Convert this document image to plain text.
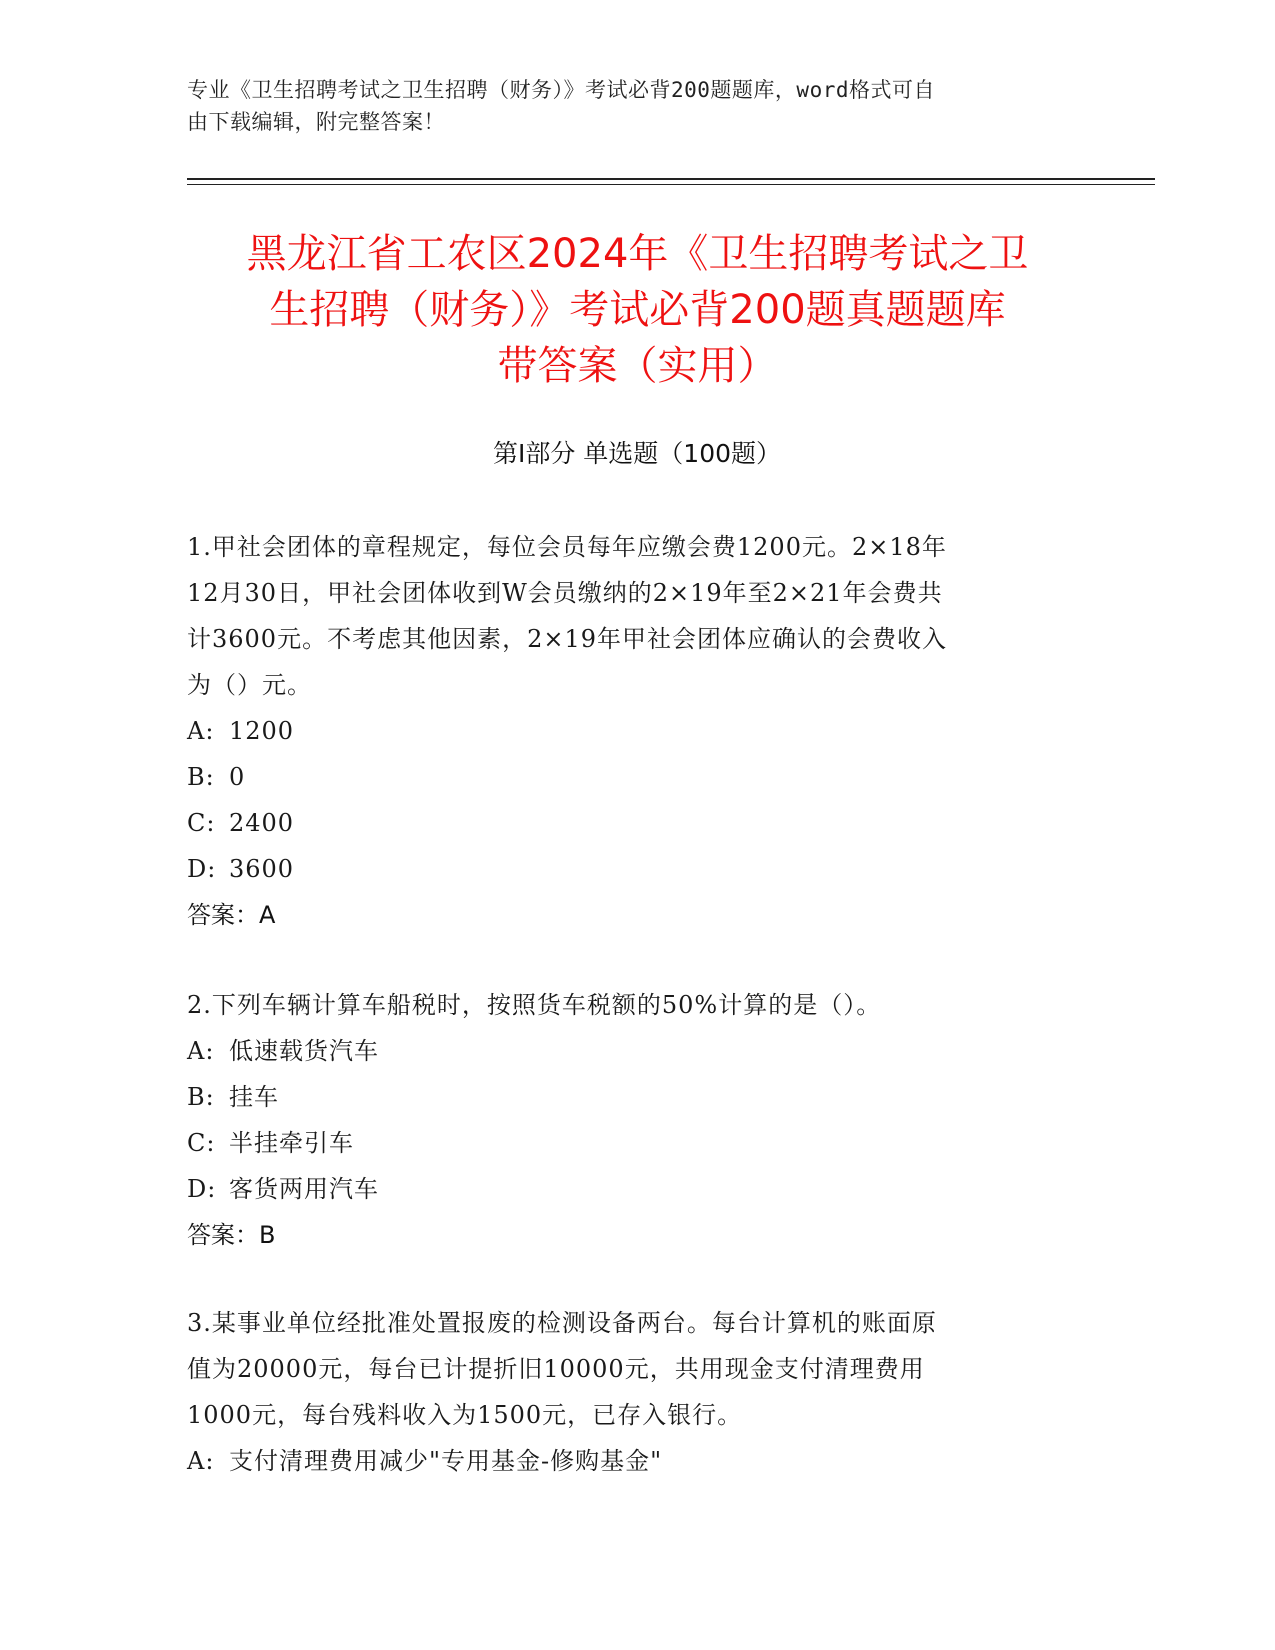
专业《卫生招聘考试之卫生招聘（财务）》考试必背200题题库，word格式可自
由下载编辑，附完整答案！
黑龙江省工农区2024年《卫生招聘考试之卫
生招聘（财务）》考试必背200题真题题库
带答案（实用）
第I部分 单选题（100题）
1.甲社会团体的章程规定，每位会员每年应缴会费1200元。2×18年
12月30日，甲社会团体收到W会员缴纳的2×19年至2×21年会费共
计3600元。不考虑其他因素，2×19年甲社会团体应确认的会费收入
为（）元。
A: 1200
B: 0
C: 2400
D: 3600
答案：A
2.下列车辆计算车船税时，按照货车税额的50%计算的是（）。
A: 低速载货汽车
B: 挂车
C: 半挂牵引车
D: 客货两用汽车
答案：B
3.某事业单位经批准处置报废的检测设备两台。每台计算机的账面原
值为20000元，每台已计提折旧10000元，共用现金支付清理费用
1000元，每台残料收入为1500元，已存入银行。
A: 支付清理费用减少"专用基金-修购基金"
